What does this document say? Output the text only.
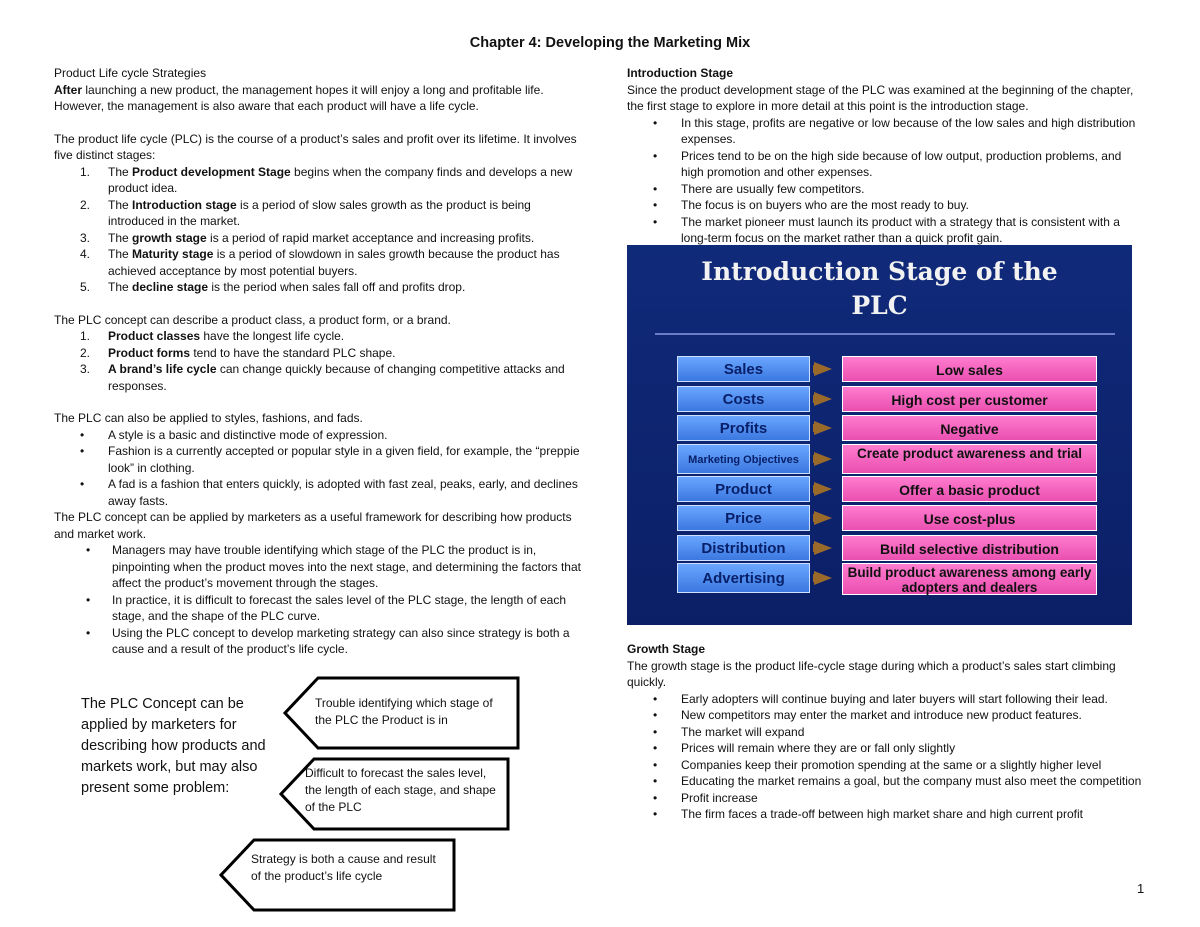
Chapter 4: Developing the Marketing Mix

Product Life cycle Strategies

After launching a new product, the management hopes it will enjoy a long and profitable life. However, the management is also aware that each product will have a life cycle.

The product life cycle (PLC) is the course of a product’s sales and profit over its lifetime. It involves five distinct stages:

1. The Product development Stage begins when the company finds and develops a new product idea.
2. The Introduction stage is a period of slow sales growth as the product is being introduced in the market.
3. The growth stage is a period of rapid market acceptance and increasing profits.
4. The Maturity stage is a period of slowdown in sales growth because the product has achieved acceptance by most potential buyers.
5. The decline stage is the period when sales fall off and profits drop.

The PLC concept can describe a product class, a product form, or a brand.

1. Product classes have the longest life cycle.
2. Product forms tend to have the standard PLC shape.
3. A brand’s life cycle can change quickly because of changing competitive attacks and responses.

The PLC can also be applied to styles, fashions, and fads.

• A style is a basic and distinctive mode of expression.
• Fashion is a currently accepted or popular style in a given field, for example, the “preppie look” in clothing.
• A fad is a fashion that enters quickly, is adopted with fast zeal, peaks, early, and declines away fasts.

The PLC concept can be applied by marketers as a useful framework for describing how products and market work.

• Managers may have trouble identifying which stage of the PLC the product is in, pinpointing when the product moves into the next stage, and determining the factors that affect the product’s movement through the stages.
• In practice, it is difficult to forecast the sales level of the PLC stage, the length of each stage, and the shape of the PLC curve.
• Using the PLC concept to develop marketing strategy can also since strategy is both a cause and a result of the product’s life cycle.
The PLC Concept can be applied by marketers for describing how products and markets work, but may also present some problem:
Trouble identifying which stage of the PLC the Product is in
Difficult to forecast the sales level, the length of each stage, and shape of the PLC
Strategy is both a cause and result of the product’s life cycle

Introduction Stage

Since the product development stage of the PLC was examined at the beginning of the chapter, the first stage to explore in more detail at this point is the introduction stage.

• In this stage, profits are negative or low because of the low sales and high distribution expenses.
• Prices tend to be on the high side because of low output, production problems, and high promotion and other expenses.
• There are usually few competitors.
• The focus is on buyers who are the most ready to buy.
• The market pioneer must launch its product with a strategy that is consistent with a long-term focus on the market rather than a quick profit gain.
Introduction Stage of the
PLC
Sales	Low sales
Costs	High cost per customer
Profits	Negative
Marketing Objectives	Create product awareness and trial
Product	Offer a basic product
Price	Use cost-plus
Distribution	Build selective distribution
Advertising	Build product awareness among early adopters and dealers

Growth Stage

The growth stage is the product life-cycle stage during which a product’s sales start climbing quickly.

• Early adopters will continue buying and later buyers will start following their lead.
• New competitors may enter the market and introduce new product features.
• The market will expand
• Prices will remain where they are or fall only slightly
• Companies keep their promotion spending at the same or a slightly higher level
• Educating the market remains a goal, but the company must also meet the competition
• Profit increase
• The firm faces a trade-off between high market share and high current profit
1
